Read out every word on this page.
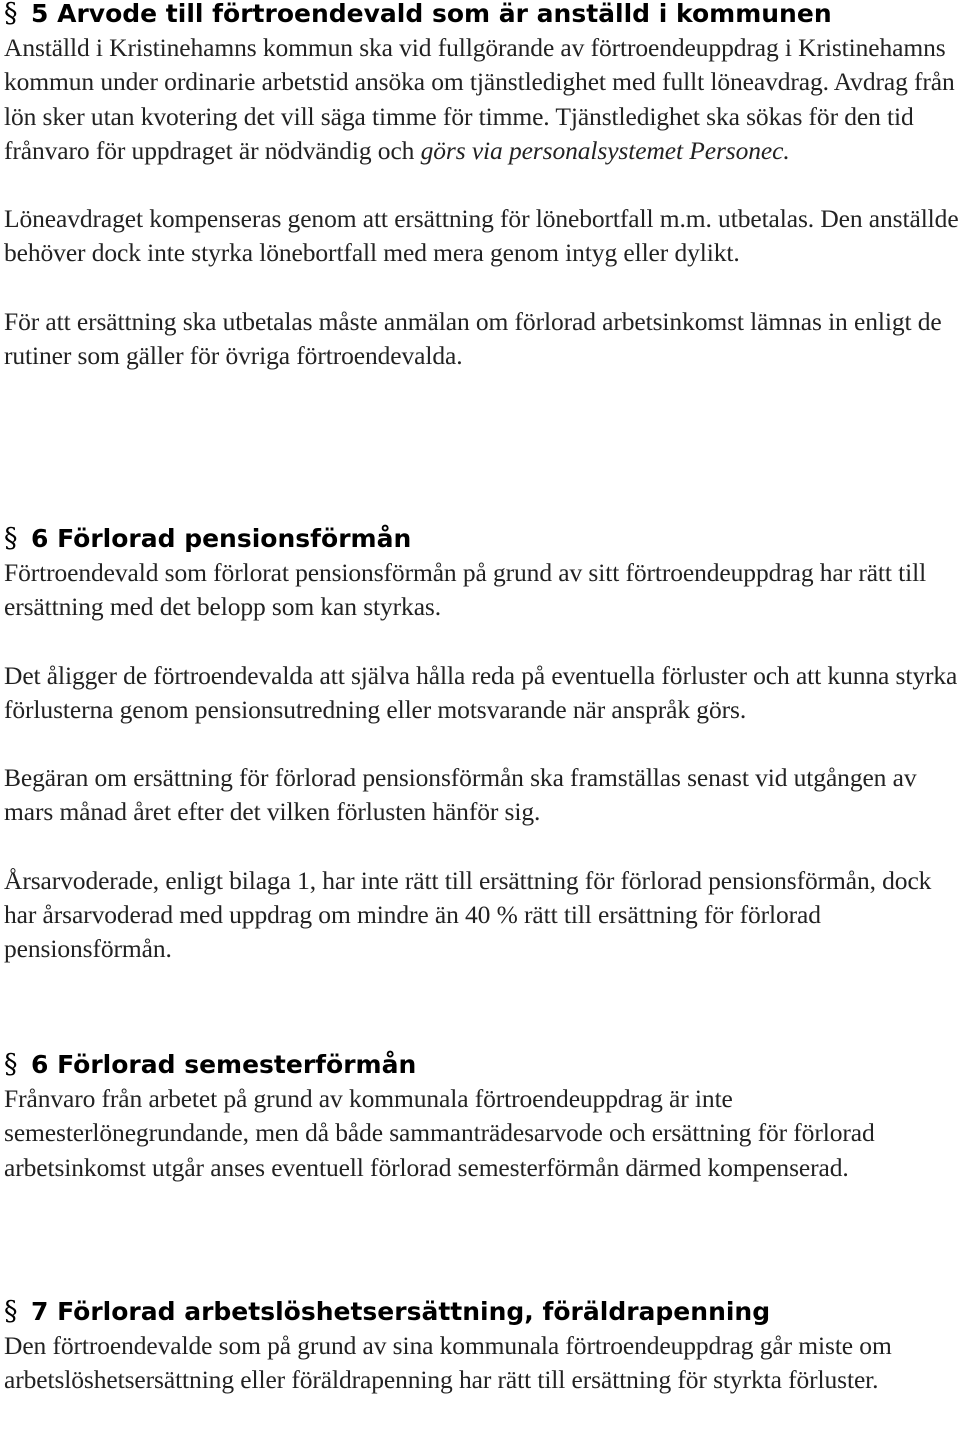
§ 5 Arvode till förtroendevald som är anställd i kommunen

Anställd i Kristinehamns kommun ska vid fullgörande av förtroendeuppdrag i Kristinehamns kommun under ordinarie arbetstid ansöka om tjänstledighet med fullt löneavdrag. Avdrag från lön sker utan kvotering det vill säga timme för timme. Tjänstledighet ska sökas för den tid frånvaro för uppdraget är nödvändig och görs via personalsystemet Personec.

Löneavdraget kompenseras genom att ersättning för lönebortfall m.m. utbetalas. Den anställde behöver dock inte styrka lönebortfall med mera genom intyg eller dylikt.

För att ersättning ska utbetalas måste anmälan om förlorad arbetsinkomst lämnas in enligt de rutiner som gäller för övriga förtroendevalda.

§ 6 Förlorad pensionsförmån

Förtroendevald som förlorat pensionsförmån på grund av sitt förtroendeuppdrag har rätt till ersättning med det belopp som kan styrkas.

Det åligger de förtroendevalda att själva hålla reda på eventuella förluster och att kunna styrka förlusterna genom pensionsutredning eller motsvarande när anspråk görs.

Begäran om ersättning för förlorad pensionsförmån ska framställas senast vid utgången av mars månad året efter det vilken förlusten hänför sig.

Årsarvoderade, enligt bilaga 1, har inte rätt till ersättning för förlorad pensionsförmån, dock har årsarvoderad med uppdrag om mindre än 40 % rätt till ersättning för förlorad pensionsförmån.

§ 6 Förlorad semesterförmån

Frånvaro från arbetet på grund av kommunala förtroendeuppdrag är inte semesterlönegrundande, men då både sammanträdesarvode och ersättning för förlorad arbetsinkomst utgår anses eventuell förlorad semesterförmån därmed kompenserad.

§ 7 Förlorad arbetslöshetsersättning, föräldrapenning

Den förtroendevalde som på grund av sina kommunala förtroendeuppdrag går miste om arbetslöshetsersättning eller föräldrapenning har rätt till ersättning för styrkta förluster.
